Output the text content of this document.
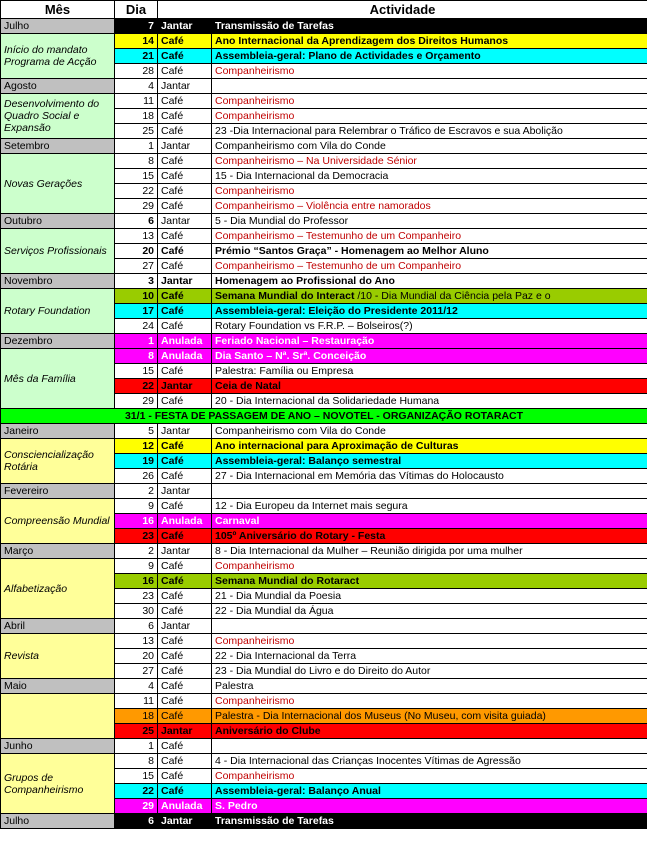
Mês	Dia	Actividade	
Julho	7	Jantar	Transmissão de Tarefas
Início do mandato Programa de Acção	14	Café	Ano Internacional da Aprendizagem dos Direitos Humanos
	21	Café	Assembleia-geral: Plano de Actividades e Orçamento
	28	Café	Companheirismo
Agosto	4	Jantar	
Desenvolvimento do Quadro Social e Expansão	11	Café	Companheirismo
	18	Café	Companheirismo
	25	Café	23 -Dia Internacional para Relembrar o Tráfico de Escravos e sua Abolição
Setembro	1	Jantar	Companheirismo com Vila do Conde
Novas Gerações	8	Café	Companheirismo – Na Universidade Sénior
	15	Café	15 - Dia Internacional da Democracia
	22	Café	Companheirismo
	29	Café	Companheirismo – Violência entre namorados
Outubro	6	Jantar	5 - Dia Mundial do Professor
Serviços Profissionais	13	Café	Companheirismo – Testemunho de um Companheiro
	20	Café	Prémio “Santos Graça” - Homenagem ao Melhor Aluno
	27	Café	Companheirismo – Testemunho de um Companheiro
Novembro	3	Jantar	Homenagem ao Profissional do Ano
Rotary Foundation	10	Café	Semana Mundial do Interact /10 - Dia Mundial da Ciência pela Paz e o
	17	Café	Assembleia-geral: Eleição do Presidente 2011/12
	24	Café	Rotary Foundation vs F.R.P. – Bolseiros(?)
Dezembro	1	Anulada	Feriado Nacional – Restauração
Mês da Família	8	Anulada	Dia Santo – Nª. Srª. Conceição
	15	Café	Palestra: Família ou Empresa
	22	Jantar	Ceia de Natal
	29	Café	20 - Dia Internacional da Solidariedade Humana
31/1 - FESTA DE PASSAGEM DE ANO – NOVOTEL - ORGANIZAÇÃO ROTARACT			
Janeiro	5	Jantar	Companheirismo com Vila do Conde
Consciencialização Rotária	12	Café	Ano internacional para Aproximação de Culturas
	19	Café	Assembleia-geral: Balanço semestral
	26	Café	27 - Dia Internacional em Memória das Vítimas do Holocausto
Fevereiro	2	Jantar	
Compreensão Mundial	9	Café	12 - Dia Europeu da Internet mais segura
	16	Anulada	Carnaval
	23	Café	105º Aniversário do Rotary - Festa
Março	2	Jantar	8 - Dia Internacional da Mulher – Reunião dirigida por uma mulher
Alfabetização	9	Café	Companheirismo
	16	Café	Semana Mundial do Rotaract
	23	Café	21 - Dia Mundial da Poesia
	30	Café	22 - Dia Mundial da Água
Abril	6	Jantar	
Revista	13	Café	Companheirismo
	20	Café	22 - Dia Internacional da Terra
	27	Café	23 - Dia Mundial do Livro e do Direito do Autor
Maio	4	Café	Palestra
	11	Café	Companheirismo
	18	Café	Palestra - Dia Internacional dos Museus (No Museu, com visita guiada)
	25	Jantar	Aniversário do Clube
Junho	1	Café	
Grupos de Companheirismo	8	Café	4 - Dia Internacional das Crianças Inocentes Vítimas de Agressão
	15	Café	Companheirismo
	22	Café	Assembleia-geral: Balanço Anual
	29	Anulada	S. Pedro
Julho	6	Jantar	Transmissão de Tarefas
